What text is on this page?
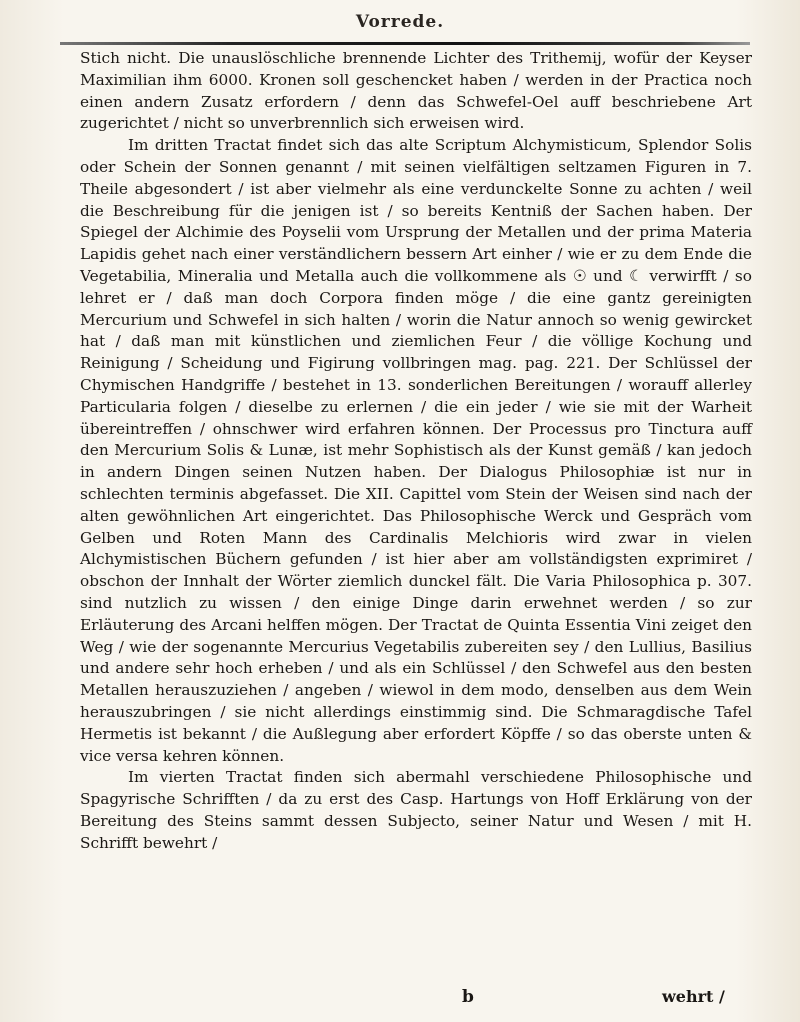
Vorrede.

Stich nicht. Die unauslöschliche brennende Lichter des Trithemij, wofür der Keyser Maximilian ihm 6000. Kronen soll geschencket haben / werden in der Practica noch einen andern Zusatz erfordern / denn das Schwefel-Oel auff beschriebene Art zugerichtet / nicht so unverbrennlich sich erweisen wird.

Im dritten Tractat findet sich das alte Scriptum Alchymisticum, Splendor Solis oder Schein der Sonnen genannt / mit seinen vielfältigen seltzamen Figuren in 7. Theile abgesondert / ist aber vielmehr als eine verdunckelte Sonne zu achten / weil die Beschreibung für die jenigen ist / so bereits Kentniß der Sachen haben. Der Spiegel der Alchimie des Poyselii vom Ursprung der Metallen und der prima Materia Lapidis gehet nach einer verständlichern bessern Art einher / wie er zu dem Ende die Vegetabilia, Mineralia und Metalla auch die vollkommene als ☉ und ☾ verwirfft / so lehret er / daß man doch Corpora finden möge / die eine gantz gereinigten Mercurium und Schwefel in sich halten / worin die Natur annoch so wenig gewircket hat / daß man mit künstlichen und ziemlichen Feur / die völlige Kochung und Reinigung / Scheidung und Figirung vollbringen mag. pag. 221. Der Schlüssel der Chymischen Handgriffe / bestehet in 13. sonderlichen Bereitungen / worauff allerley Particularia folgen / dieselbe zu erlernen / die ein jeder / wie sie mit der Warheit übereintreffen / ohnschwer wird erfahren können. Der Processus pro Tinctura auff den Mercurium Solis & Lunæ, ist mehr Sophistisch als der Kunst gemäß / kan jedoch in andern Dingen seinen Nutzen haben. Der Dialogus Philosophiæ ist nur in schlechten terminis abgefasset. Die XII. Capittel vom Stein der Weisen sind nach der alten gewöhnlichen Art eingerichtet. Das Philosophische Werck und Gespräch vom Gelben und Roten Mann des Cardinalis Melchioris wird zwar in vielen Alchymistischen Büchern gefunden / ist hier aber am vollständigsten exprimiret / obschon der Innhalt der Wörter ziemlich dunckel fält. Die Varia Philosophica p. 307. sind nutzlich zu wissen / den einige Dinge darin erwehnet werden / so zur Erläuterung des Arcani helffen mögen. Der Tractat de Quinta Essentia Vini zeiget den Weg / wie der sogenannte Mercurius Vegetabilis zubereiten sey / den Lullius, Basilius und andere sehr hoch erheben / und als ein Schlüssel / den Schwefel aus den besten Metallen herauszuziehen / angeben / wiewol in dem modo, denselben aus dem Wein herauszubringen / sie nicht allerdings einstimmig sind. Die Schmaragdische Tafel Hermetis ist bekannt / die Außlegung aber erfordert Köpffe / so das oberste unten & vice versa kehren können.

Im vierten Tractat finden sich abermahl verschiedene Philosophische und Spagyrische Schrifften / da zu erst des Casp. Hartungs von Hoff Erklärung von der Bereitung des Steins sammt dessen Subjecto, seiner Natur und Wesen / mit H. Schrifft bewehrt /

b	wehrt /
